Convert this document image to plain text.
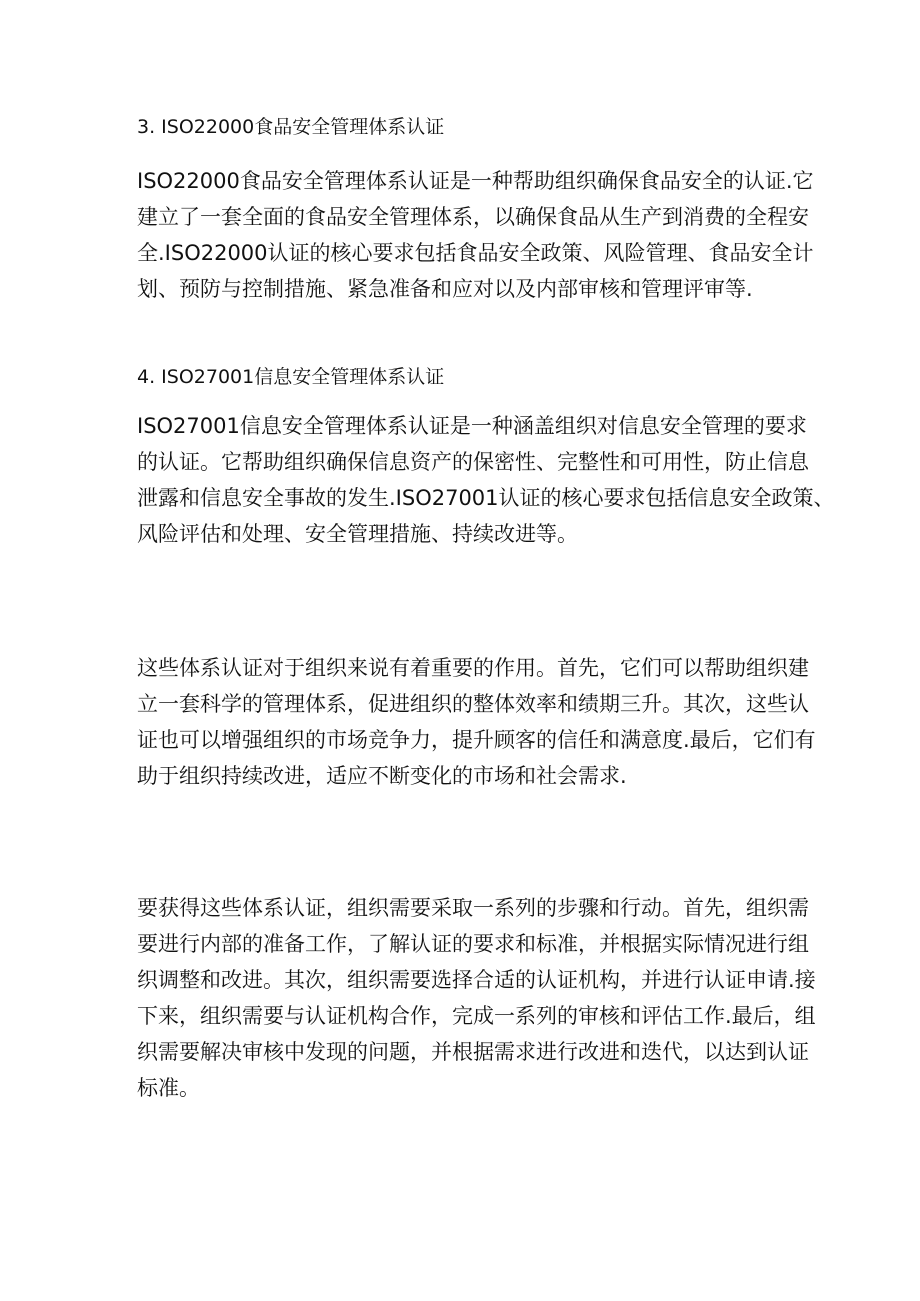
3. ISO22000食品安全管理体系认证
ISO22000食品安全管理体系认证是一种帮助组织确保食品安全的认证.它
建立了一套全面的食品安全管理体系，以确保食品从生产到消费的全程安
全.ISO22000认证的核心要求包括食品安全政策、风险管理、食品安全计
划、预防与控制措施、紧急准备和应对以及内部审核和管理评审等.
4. ISO27001信息安全管理体系认证
ISO27001信息安全管理体系认证是一种涵盖组织对信息安全管理的要求
的认证。它帮助组织确保信息资产的保密性、完整性和可用性，防止信息
泄露和信息安全事故的发生.ISO27001认证的核心要求包括信息安全政策、
风险评估和处理、安全管理措施、持续改进等。
这些体系认证对于组织来说有着重要的作用。首先，它们可以帮助组织建
立一套科学的管理体系，促进组织的整体效率和绩期三升。其次，这些认
证也可以增强组织的市场竞争力，提升顾客的信任和满意度.最后，它们有
助于组织持续改进，适应不断变化的市场和社会需求.
要获得这些体系认证，组织需要采取一系列的步骤和行动。首先，组织需
要进行内部的准备工作，了解认证的要求和标准，并根据实际情况进行组
织调整和改进。其次，组织需要选择合适的认证机构，并进行认证申请.接
下来，组织需要与认证机构合作，完成一系列的审核和评估工作.最后，组
织需要解决审核中发现的问题，并根据需求进行改进和迭代，以达到认证
标准。
